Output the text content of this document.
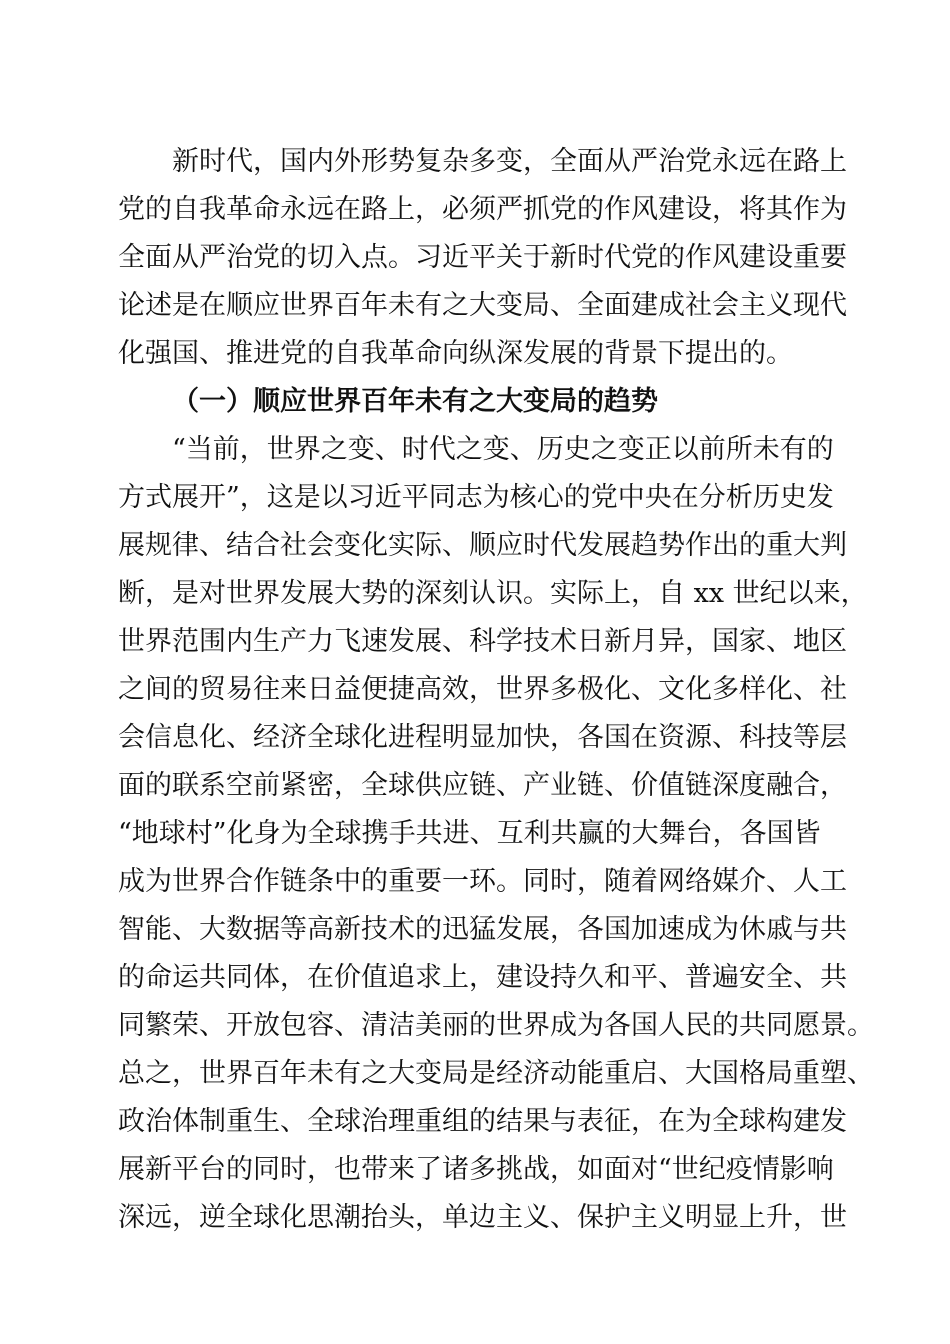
新时代，国内外形势复杂多变，全面从严治党永远在路上
党的自我革命永远在路上，必须严抓党的作风建设，将其作为
全面从严治党的切入点。习近平关于新时代党的作风建设重要
论述是在顺应世界百年未有之大变局、全面建成社会主义现代
化强国、推进党的自我革命向纵深发展的背景下提出的。
（一）顺应世界百年未有之大变局的趋势
“当前，世界之变、时代之变、历史之变正以前所未有的
方式展开”，这是以习近平同志为核心的党中央在分析历史发
展规律、结合社会变化实际、顺应时代发展趋势作出的重大判
断，是对世界发展大势的深刻认识。实际上，自 xx 世纪以来，
世界范围内生产力飞速发展、科学技术日新月异，国家、地区
之间的贸易往来日益便捷高效，世界多极化、文化多样化、社
会信息化、经济全球化进程明显加快，各国在资源、科技等层
面的联系空前紧密，全球供应链、产业链、价值链深度融合，
“地球村”化身为全球携手共进、互利共赢的大舞台，各国皆
成为世界合作链条中的重要一环。同时，随着网络媒介、人工
智能、大数据等高新技术的迅猛发展，各国加速成为休戚与共
的命运共同体，在价值追求上，建设持久和平、普遍安全、共
同繁荣、开放包容、清洁美丽的世界成为各国人民的共同愿景。
总之，世界百年未有之大变局是经济动能重启、大国格局重塑、
政治体制重生、全球治理重组的结果与表征，在为全球构建发
展新平台的同时，也带来了诸多挑战，如面对“世纪疫情影响
深远，逆全球化思潮抬头，单边主义、保护主义明显上升，世
